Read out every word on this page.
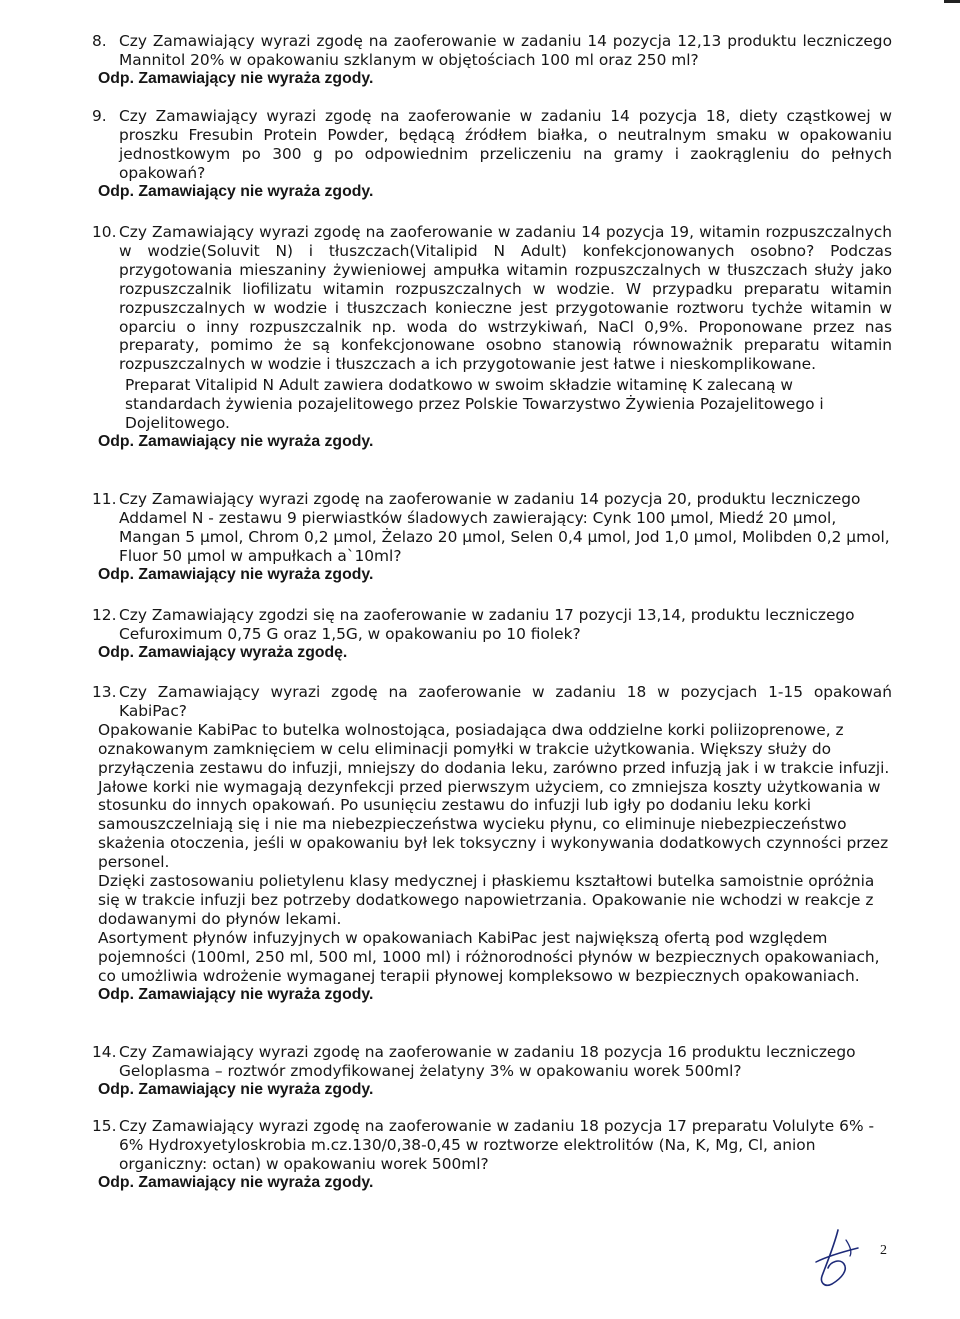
8. Czy Zamawiający wyrazi zgodę na zaoferowanie w zadaniu 14 pozycja 12,13 produktu leczniczego Mannitol 20% w opakowaniu szklanym w objętościach 100 ml oraz 250 ml?

Odp. Zamawiający nie wyraża zgody.

9. Czy Zamawiający wyrazi zgodę na zaoferowanie w zadaniu 14 pozycja 18, diety cząstkowej w proszku Fresubin Protein Powder, będącą źródłem białka, o neutralnym smaku w opakowaniu jednostkowym po 300 g po odpowiednim przeliczeniu na gramy i zaokrągleniu do pełnych opakowań?

Odp. Zamawiający nie wyraża zgody.

10. Czy Zamawiający wyrazi zgodę na zaoferowanie w zadaniu 14 pozycja 19, witamin rozpuszczalnych w wodzie(Soluvit N) i tłuszczach(Vitalipid N Adult) konfekcjonowanych osobno? Podczas przygotowania mieszaniny żywieniowej ampułka witamin rozpuszczalnych w tłuszczach służy jako rozpuszczalnik liofilizatu witamin rozpuszczalnych w wodzie. W przypadku preparatu witamin rozpuszczalnych w wodzie i tłuszczach konieczne jest przygotowanie roztworu tychże witamin w oparciu o inny rozpuszczalnik np. woda do wstrzykiwań, NaCl 0,9%. Proponowane przez nas preparaty, pomimo że są konfekcjonowane osobno stanowią równoważnik preparatu witamin rozpuszczalnych w wodzie i tłuszczach a ich przygotowanie jest łatwe i nieskomplikowane.

Preparat Vitalipid N Adult zawiera dodatkowo w swoim składzie witaminę K zalecaną w standardach żywienia pozajelitowego przez Polskie Towarzystwo Żywienia Pozajelitowego i Dojelitowego.

Odp. Zamawiający nie wyraża zgody.

11. Czy Zamawiający wyrazi zgodę na zaoferowanie w zadaniu 14 pozycja 20, produktu leczniczego Addamel N - zestawu 9 pierwiastków śladowych zawierający: Cynk 100 µmol, Miedź 20 µmol, Mangan 5 µmol, Chrom 0,2 µmol, Żelazo 20 µmol, Selen 0,4 µmol, Jod 1,0 µmol, Molibden 0,2 µmol, Fluor 50 µmol w ampułkach a`10ml?

Odp. Zamawiający nie wyraża zgody.

12. Czy Zamawiający zgodzi się na zaoferowanie w zadaniu 17 pozycji 13,14, produktu leczniczego Cefuroximum 0,75 G oraz 1,5G, w opakowaniu po 10 fiolek?

Odp. Zamawiający wyraża zgodę.

13. Czy Zamawiający wyrazi zgodę na zaoferowanie w zadaniu 18 w pozycjach 1-15 opakowań KabiPac?

Opakowanie KabiPac to butelka wolnostojąca, posiadająca dwa oddzielne korki poliizoprenowe, z oznakowanym zamknięciem w celu eliminacji pomyłki w trakcie użytkowania. Większy służy do przyłączenia zestawu do infuzji, mniejszy do dodania leku, zarówno przed infuzją jak i w trakcie infuzji. Jałowe korki nie wymagają dezynfekcji przed pierwszym użyciem, co zmniejsza koszty użytkowania w stosunku do innych opakowań. Po usunięciu zestawu do infuzji lub igły po dodaniu leku korki samouszczelniają się i nie ma niebezpieczeństwa wycieku płynu, co eliminuje niebezpieczeństwo skażenia otoczenia, jeśli w opakowaniu był lek toksyczny i wykonywania dodatkowych czynności przez personel.

Dzięki zastosowaniu polietylenu klasy medycznej i płaskiemu kształtowi butelka samoistnie opróżnia się w trakcie infuzji bez potrzeby dodatkowego napowietrzania. Opakowanie nie wchodzi w reakcje z dodawanymi do płynów lekami.

Asortyment płynów infuzyjnych w opakowaniach KabiPac jest największą ofertą pod względem pojemności (100ml, 250 ml, 500 ml, 1000 ml) i różnorodności płynów w bezpiecznych opakowaniach, co umożliwia wdrożenie wymaganej terapii płynowej kompleksowo w bezpiecznych opakowaniach.

Odp. Zamawiający nie wyraża zgody.

14. Czy Zamawiający wyrazi zgodę na zaoferowanie w zadaniu 18 pozycja 16 produktu leczniczego Geloplasma – roztwór zmodyfikowanej żelatyny 3% w opakowaniu worek 500ml?

Odp. Zamawiający nie wyraża zgody.

15. Czy Zamawiający wyrazi zgodę na zaoferowanie w zadaniu 18 pozycja 17 preparatu Volulyte 6% - 6% Hydroxyetyloskrobia m.cz.130/0,38-0,45 w roztworze elektrolitów (Na, K, Mg, Cl, anion organiczny: octan) w opakowaniu worek 500ml?

Odp. Zamawiający nie wyraża zgody.

2
